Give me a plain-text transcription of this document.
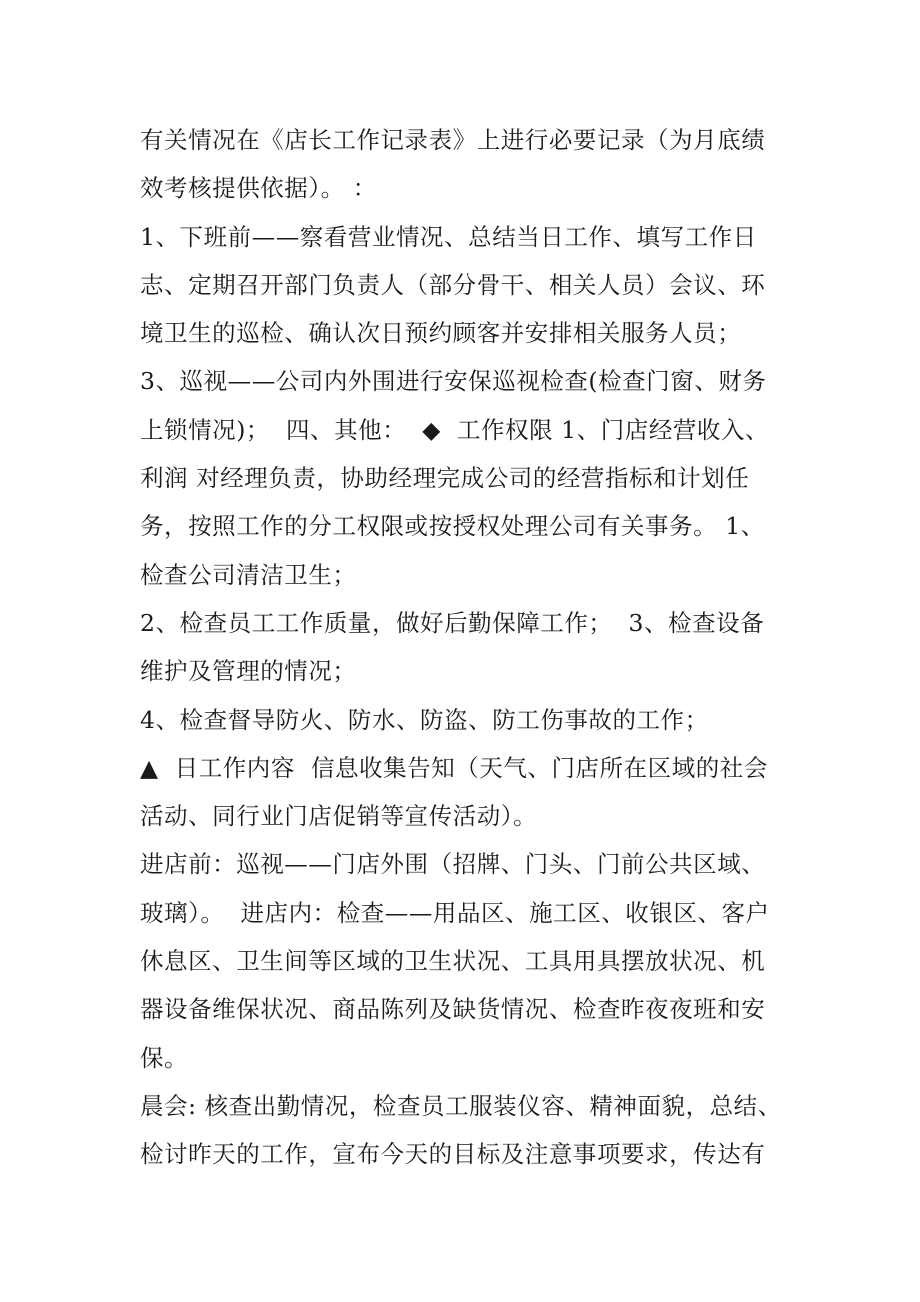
有关情况在《店长工作记录表》上进行必要记录（为月底绩
效考核提供依据）。 ：
1、下班前——察看营业情况、总结当日工作、填写工作日
志、定期召开部门负责人（部分骨干、相关人员）会议、环
境卫生的巡检、确认次日预约顾客并安排相关服务人员；
3、巡视——公司内外围进行安保巡视检查(检查门窗、财务
上锁情况)；  四、其他：  ◆  工作权限 1、门店经营收入、
利润 对经理负责，协助经理完成公司的经营指标和计划任
务，按照工作的分工权限或按授权处理公司有关事务。 1、
检查公司清洁卫生；
2、检查员工工作质量，做好后勤保障工作；  3、检查设备
维护及管理的情况；
4、检查督导防火、防水、防盗、防工伤事故的工作；
▲  日工作内容  信息收集告知（天气、门店所在区域的社会
活动、同行业门店促销等宣传活动）。
进店前：巡视——门店外围（招牌、门头、门前公共区域、
玻璃）。  进店内：检查——用品区、施工区、收银区、客户
休息区、卫生间等区域的卫生状况、工具用具摆放状况、机
器设备维保状况、商品陈列及缺货情况、检查昨夜夜班和安
保。
晨会: 核查出勤情况，检查员工服装仪容、精神面貌，总结、
检讨昨天的工作，宣布今天的目标及注意事项要求，传达有
